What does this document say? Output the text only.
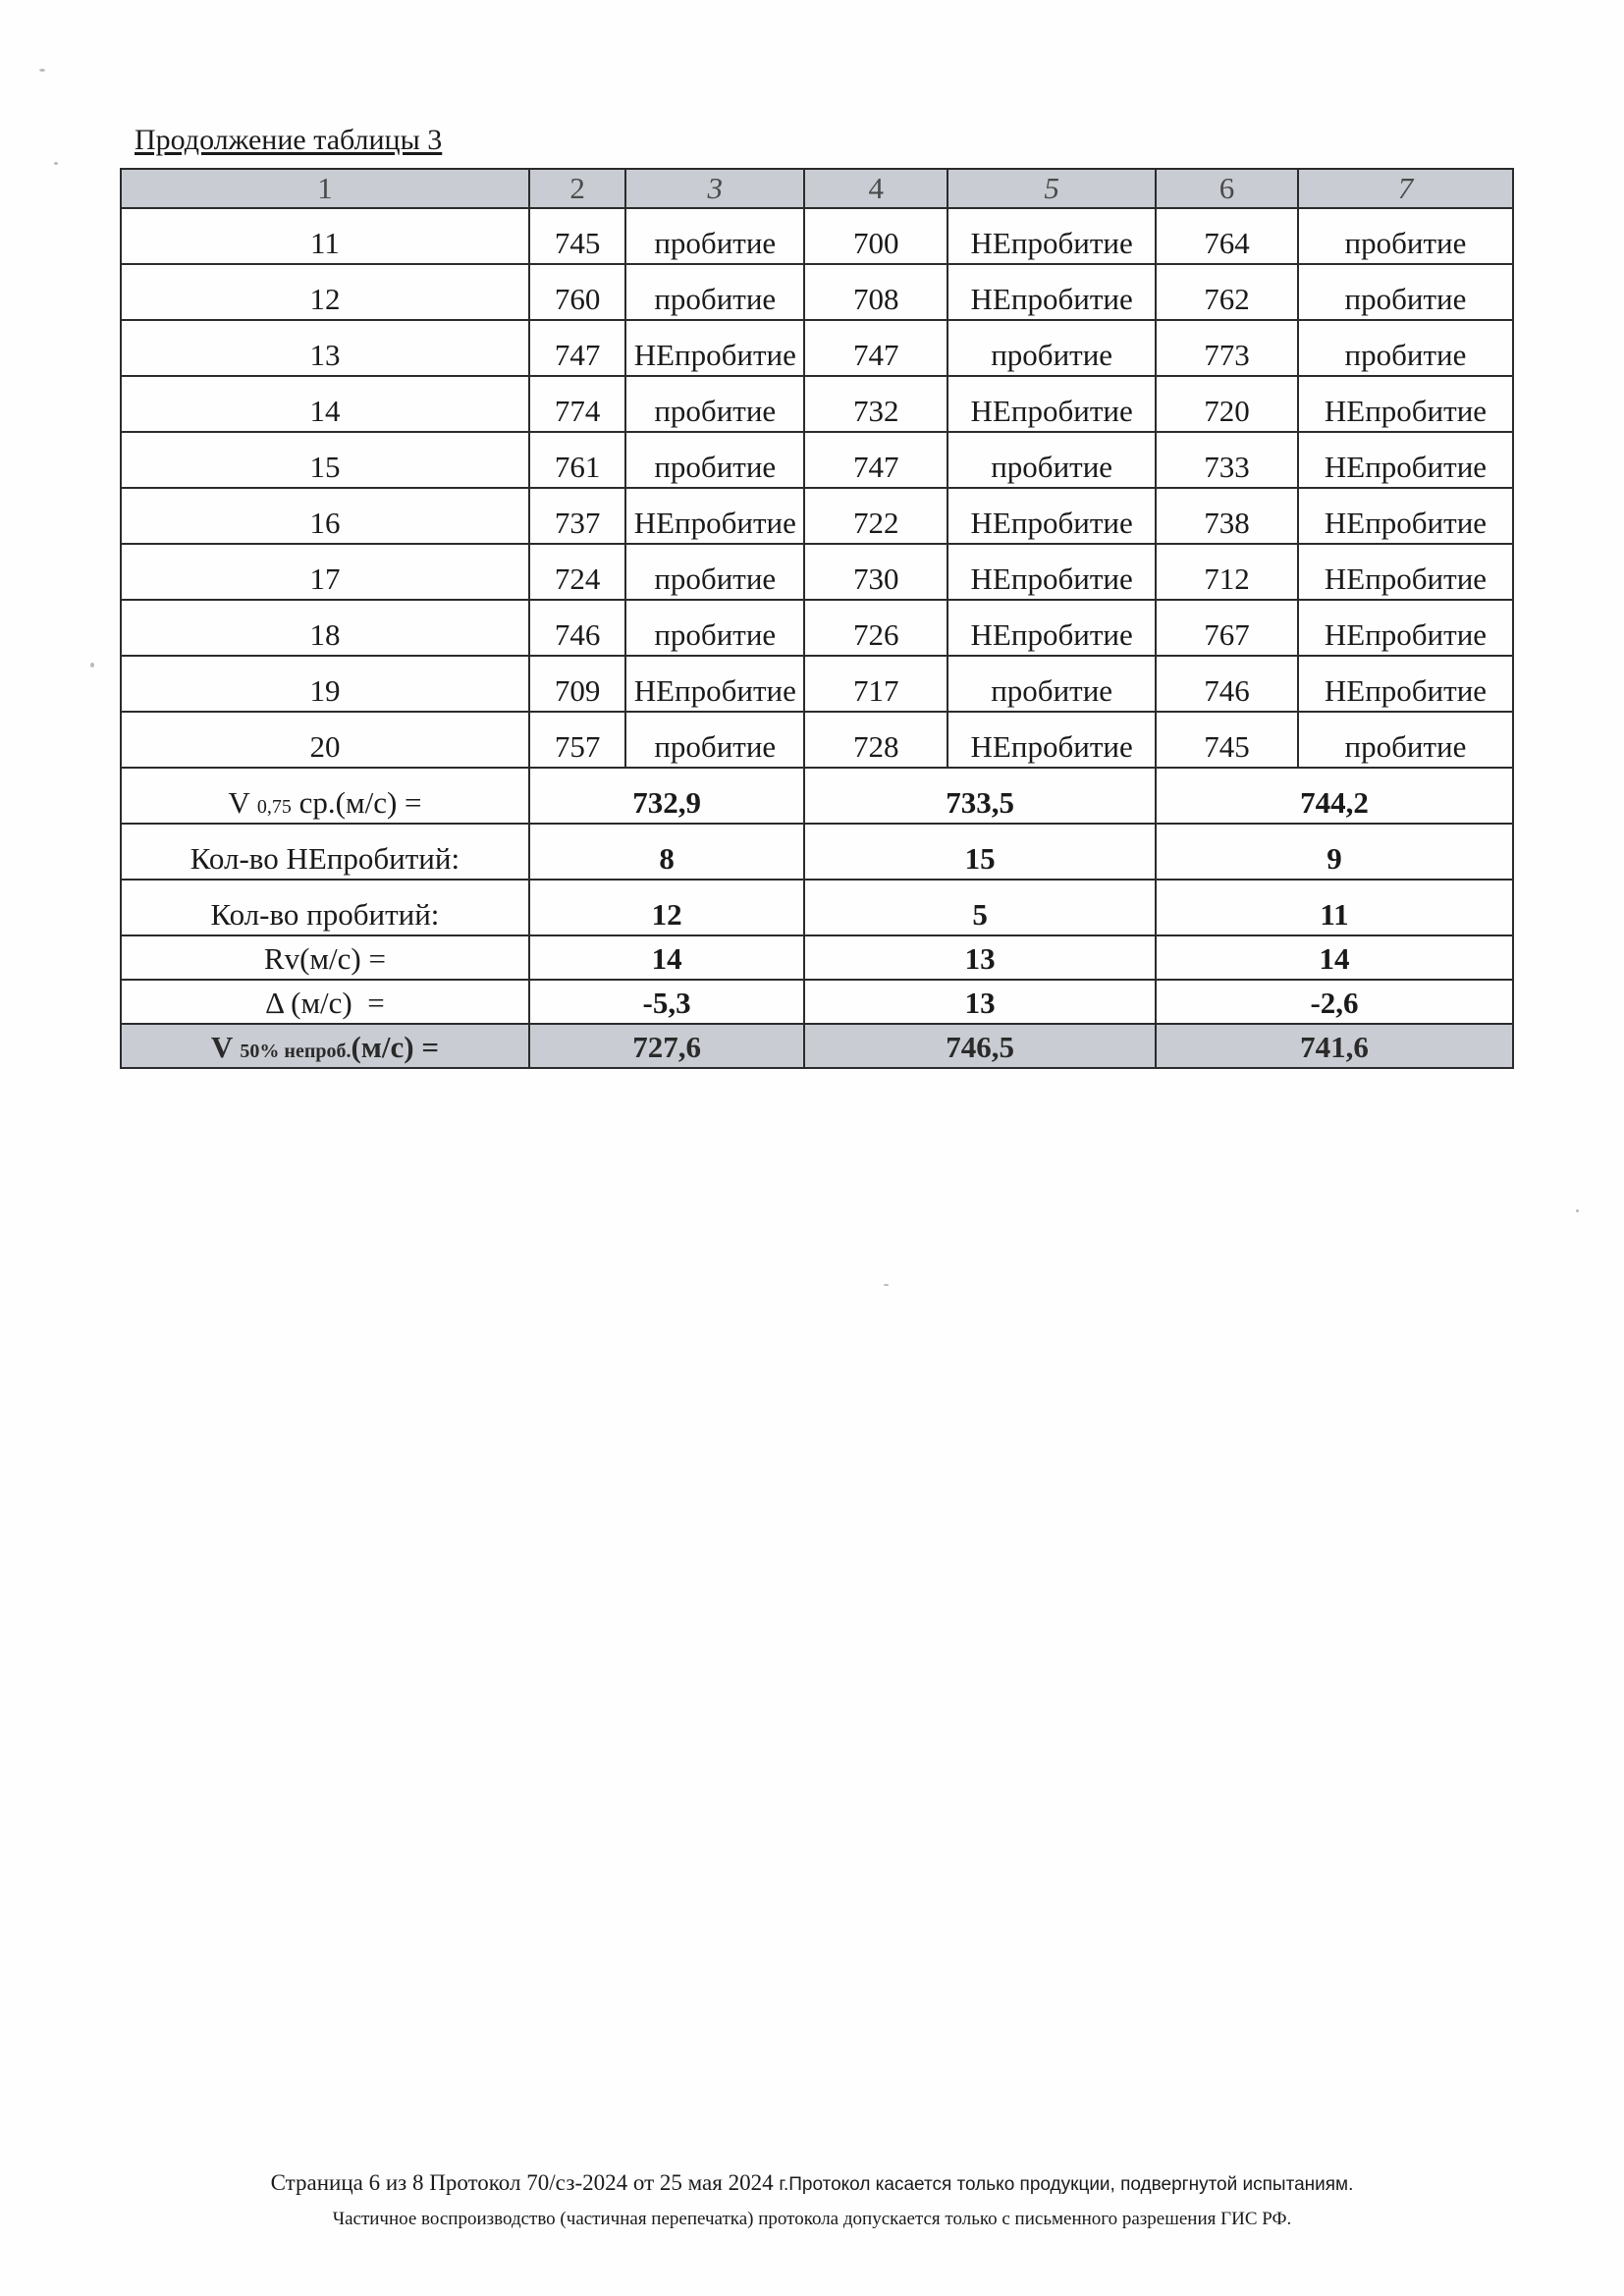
Продолжение таблицы 3
1	2	3	4	5	6	7
11	745	пробитие	700	НЕпробитие	764	пробитие
12	760	пробитие	708	НЕпробитие	762	пробитие
13	747	НЕпробитие	747	пробитие	773	пробитие
14	774	пробитие	732	НЕпробитие	720	НЕпробитие
15	761	пробитие	747	пробитие	733	НЕпробитие
16	737	НЕпробитие	722	НЕпробитие	738	НЕпробитие
17	724	пробитие	730	НЕпробитие	712	НЕпробитие
18	746	пробитие	726	НЕпробитие	767	НЕпробитие
19	709	НЕпробитие	717	пробитие	746	НЕпробитие
20	757	пробитие	728	НЕпробитие	745	пробитие
V 0,75 ср.(м/с) =	732,9		733,5		744,2	
Кол-во НЕпробитий:	8		15		9	
Кол-во пробитий:	12		5		11	
Rv(м/с) =	14		13		14	
Δ (м/с)  =	-5,3		13		-2,6	
V 50% непроб.(м/с) =	727,6		746,5		741,6	
Страница 6 из 8 Протокол 70/сз-2024 от 25 мая 2024 г.Протокол касается только продукции, подвергнутой испытаниям.
Частичное воспроизводство (частичная перепечатка) протокола допускается только с письменного разрешения ГИС РФ.
